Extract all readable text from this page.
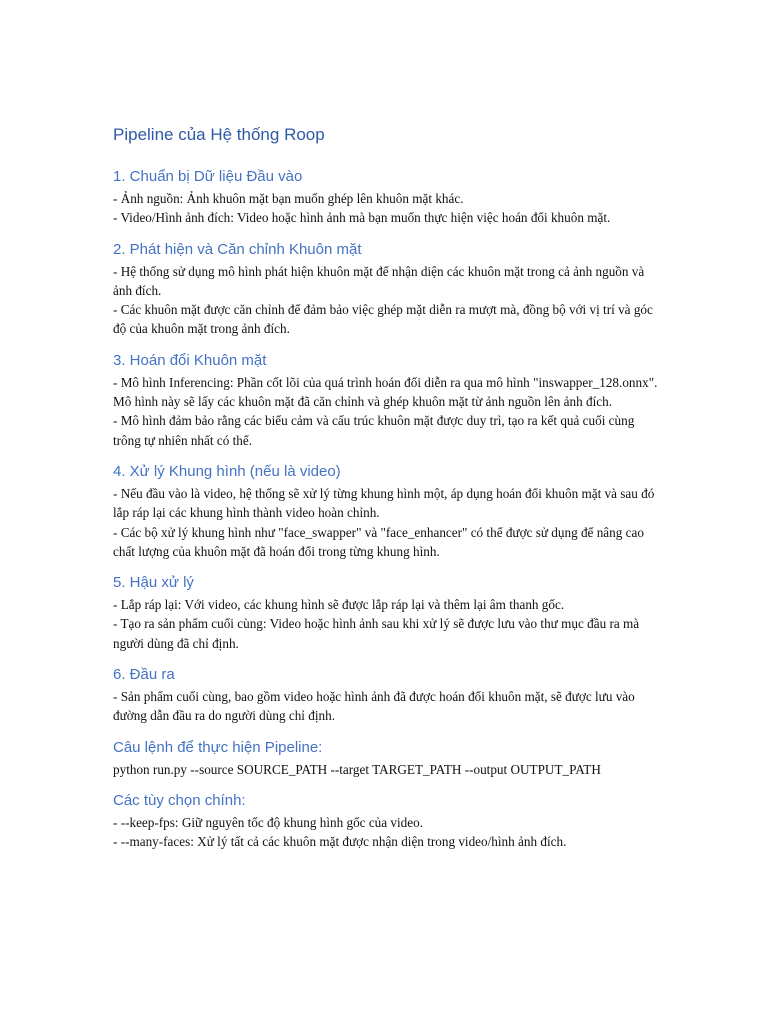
Pipeline của Hệ thống Roop
1. Chuẩn bị Dữ liệu Đầu vào

- Ảnh nguồn: Ảnh khuôn mặt bạn muốn ghép lên khuôn mặt khác.

- Video/Hình ảnh đích: Video hoặc hình ảnh mà bạn muốn thực hiện việc hoán đổi khuôn mặt.

2. Phát hiện và Căn chỉnh Khuôn mặt

- Hệ thống sử dụng mô hình phát hiện khuôn mặt để nhận diện các khuôn mặt trong cả ảnh nguồn và ảnh đích.

- Các khuôn mặt được căn chỉnh để đảm bảo việc ghép mặt diễn ra mượt mà, đồng bộ với vị trí và góc độ của khuôn mặt trong ảnh đích.

3. Hoán đổi Khuôn mặt

- Mô hình Inferencing: Phần cốt lõi của quá trình hoán đổi diễn ra qua mô hình "inswapper_128.onnx". Mô hình này sẽ lấy các khuôn mặt đã căn chỉnh và ghép khuôn mặt từ ảnh nguồn lên ảnh đích.

- Mô hình đảm bảo rằng các biểu cảm và cấu trúc khuôn mặt được duy trì, tạo ra kết quả cuối cùng trông tự nhiên nhất có thể.

4. Xử lý Khung hình (nếu là video)

- Nếu đầu vào là video, hệ thống sẽ xử lý từng khung hình một, áp dụng hoán đổi khuôn mặt và sau đó lắp ráp lại các khung hình thành video hoàn chỉnh.

- Các bộ xử lý khung hình như "face_swapper" và "face_enhancer" có thể được sử dụng để nâng cao chất lượng của khuôn mặt đã hoán đổi trong từng khung hình.

5. Hậu xử lý

- Lắp ráp lại: Với video, các khung hình sẽ được lắp ráp lại và thêm lại âm thanh gốc.

- Tạo ra sản phẩm cuối cùng: Video hoặc hình ảnh sau khi xử lý sẽ được lưu vào thư mục đầu ra mà người dùng đã chỉ định.

6. Đầu ra

- Sản phẩm cuối cùng, bao gồm video hoặc hình ảnh đã được hoán đổi khuôn mặt, sẽ được lưu vào đường dẫn đầu ra do người dùng chỉ định.

Câu lệnh để thực hiện Pipeline:

python run.py --source SOURCE_PATH --target TARGET_PATH --output OUTPUT_PATH

Các tùy chọn chính:

- --keep-fps: Giữ nguyên tốc độ khung hình gốc của video.

- --many-faces: Xử lý tất cả các khuôn mặt được nhận diện trong video/hình ảnh đích.
